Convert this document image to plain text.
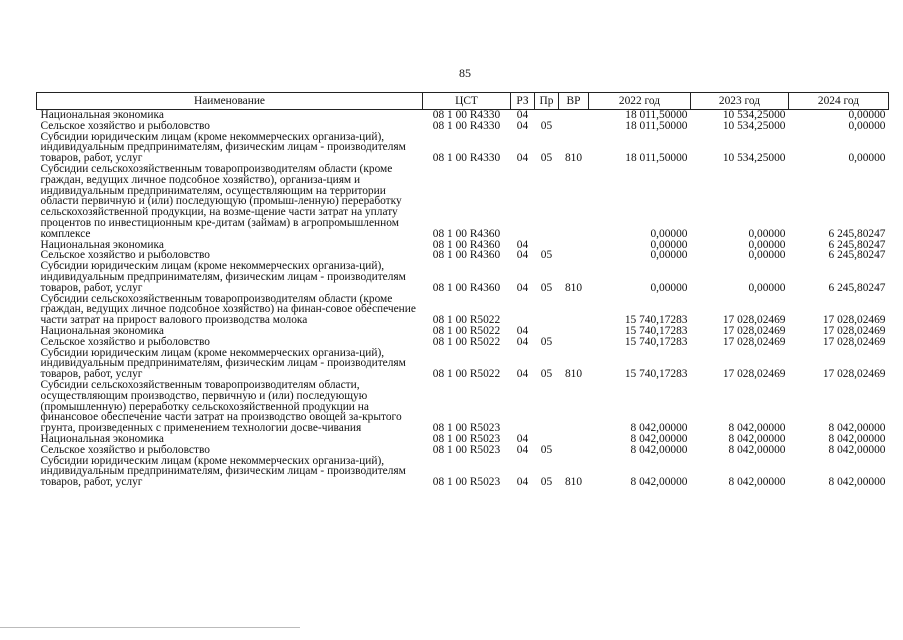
85
Наименование	ЦСТ	РЗ	Пр	ВР	2022 год	2023 год	2024 год
Национальная экономика	08 1 00 R4330	04			18 011,50000	10 534,25000	0,00000
Сельское хозяйство и рыболовство	08 1 00 R4330	04	05		18 011,50000	10 534,25000	0,00000
Субсидии юридическим лицам (кроме некоммерческих организа-ций), индивидуальным предпринимателям, физическим лицам - производителям товаров, работ, услуг	08 1 00 R4330	04	05	810	18 011,50000	10 534,25000	0,00000
Субсидии сельскохозяйственным товаропроизводителям области (кроме граждан, ведущих личное подсобное хозяйство), организа-циям и индивидуальным предпринимателям, осуществляющим на территории области первичную и (или) последующую (промыш-ленную) переработку сельскохозяйственной продукции, на возме-щение части затрат на уплату процентов по инвестиционным кре-дитам (займам) в агропромышленном комплексе	08 1 00 R4360				0,00000	0,00000	6 245,80247
Национальная экономика	08 1 00 R4360	04			0,00000	0,00000	6 245,80247
Сельское хозяйство и рыболовство	08 1 00 R4360	04	05		0,00000	0,00000	6 245,80247
Субсидии юридическим лицам (кроме некоммерческих организа-ций), индивидуальным предпринимателям, физическим лицам - производителям товаров, работ, услуг	08 1 00 R4360	04	05	810	0,00000	0,00000	6 245,80247
Субсидии сельскохозяйственным товаропроизводителям области (кроме граждан, ведущих личное подсобное хозяйство) на финан-совое обеспечение части затрат на прирост валового производства молока	08 1 00 R5022				15 740,17283	17 028,02469	17 028,02469
Национальная экономика	08 1 00 R5022	04			15 740,17283	17 028,02469	17 028,02469
Сельское хозяйство и рыболовство	08 1 00 R5022	04	05		15 740,17283	17 028,02469	17 028,02469
Субсидии юридическим лицам (кроме некоммерческих организа-ций), индивидуальным предпринимателям, физическим лицам - производителям товаров, работ, услуг	08 1 00 R5022	04	05	810	15 740,17283	17 028,02469	17 028,02469
Субсидии сельскохозяйственным товаропроизводителям области, осуществляющим производство, первичную и (или) последующую (промышленную) переработку сельскохозяйственной продукции на финансовое обеспечение части затрат на производство овощей за-крытого грунта, произведенных с применением технологии досве-чивания	08 1 00 R5023				8 042,00000	8 042,00000	8 042,00000
Национальная экономика	08 1 00 R5023	04			8 042,00000	8 042,00000	8 042,00000
Сельское хозяйство и рыболовство	08 1 00 R5023	04	05		8 042,00000	8 042,00000	8 042,00000
Субсидии юридическим лицам (кроме некоммерческих организа-ций), индивидуальным предпринимателям, физическим лицам - производителям товаров, работ, услуг	08 1 00 R5023	04	05	810	8 042,00000	8 042,00000	8 042,00000
